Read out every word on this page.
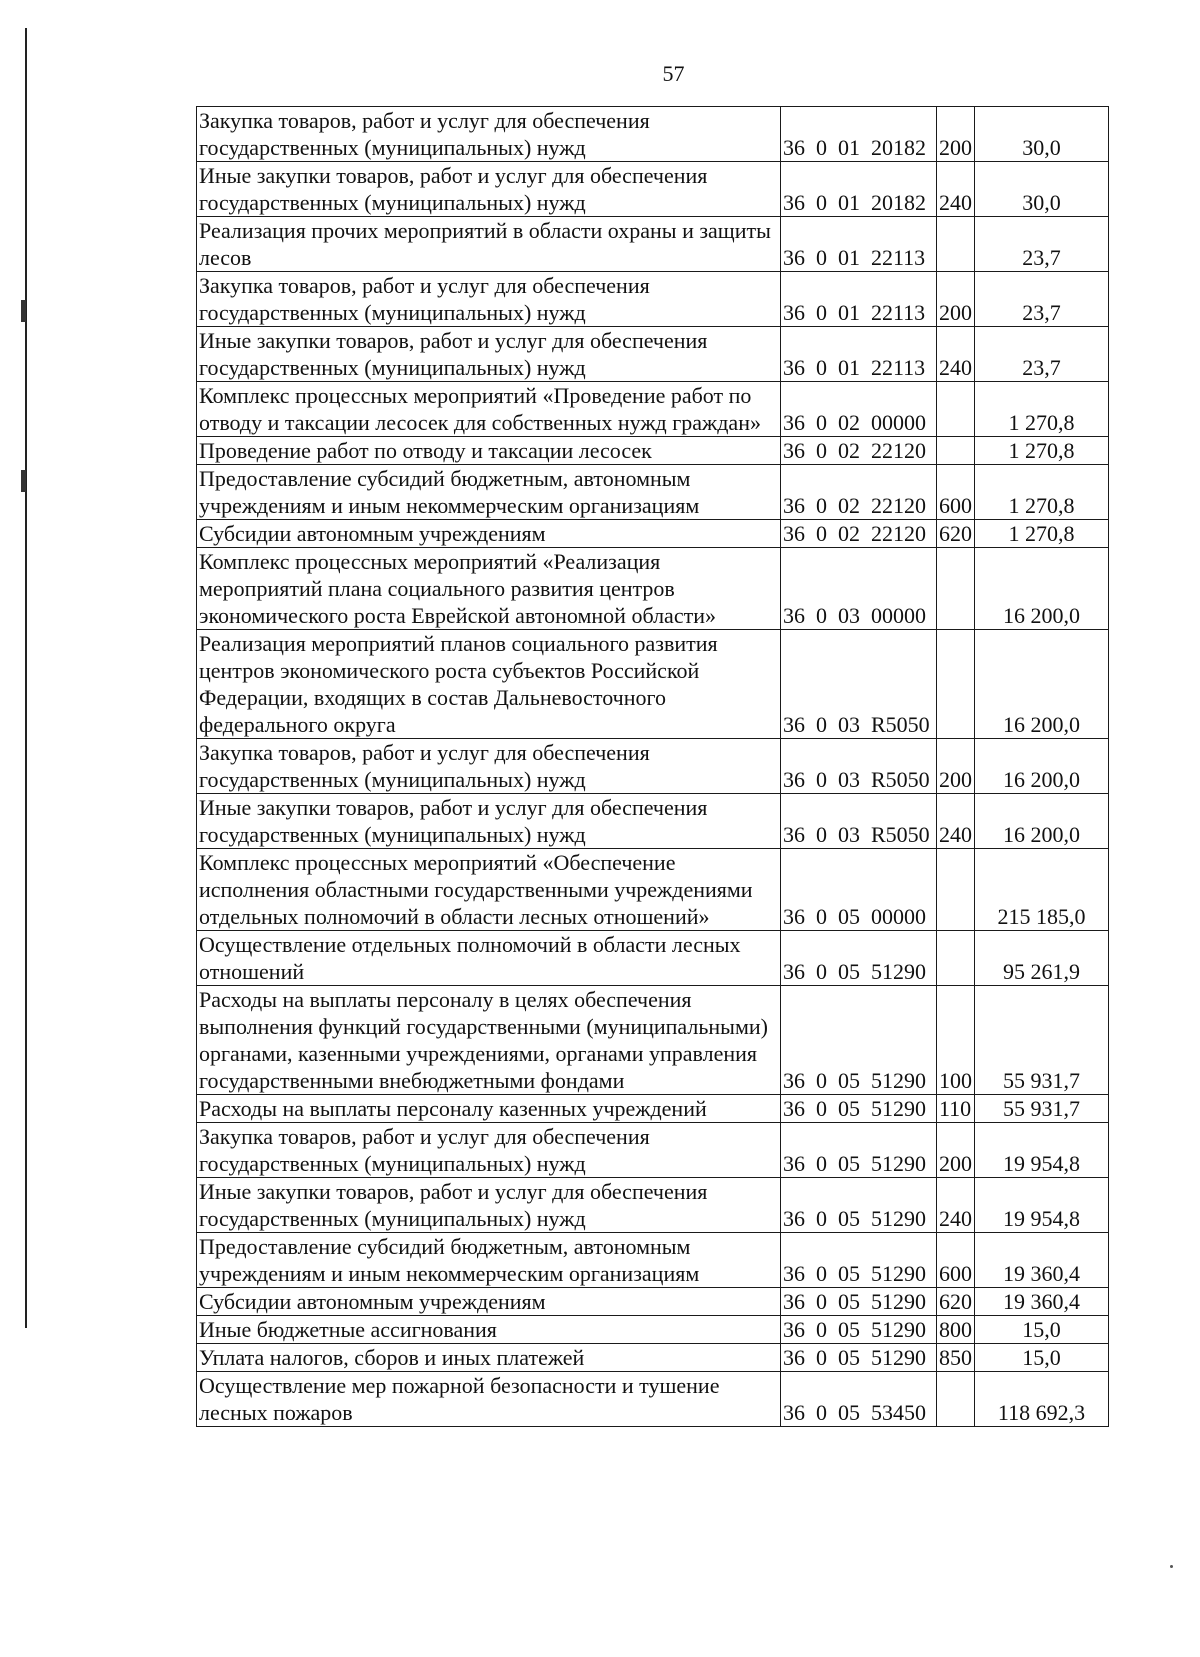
57
Закупка товаров, работ и услуг для обеспечения государственных (муниципальных) нужд	36  0  01  20182	200	30,0
Иные закупки товаров, работ и услуг для обеспечения государственных (муниципальных) нужд	36  0  01  20182	240	30,0
Реализация прочих мероприятий в области охраны и защиты лесов	36  0  01  22113		23,7
Закупка товаров, работ и услуг для обеспечения государственных (муниципальных) нужд	36  0  01  22113	200	23,7
Иные закупки товаров, работ и услуг для обеспечения государственных (муниципальных) нужд	36  0  01  22113	240	23,7
Комплекс процессных мероприятий «Проведение работ по отводу и таксации лесосек для собственных нужд граждан»	36  0  02  00000		1 270,8
Проведение работ по отводу и таксации лесосек	36  0  02  22120		1 270,8
Предоставление субсидий бюджетным, автономным учреждениям и иным некоммерческим организациям	36  0  02  22120	600	1 270,8
Субсидии автономным учреждениям	36  0  02  22120	620	1 270,8
Комплекс процессных мероприятий «Реализация мероприятий плана социального развития центров экономического роста Еврейской автономной области»	36  0  03  00000		16 200,0
Реализация мероприятий планов социального развития центров экономического роста субъектов Российской Федерации, входящих в состав Дальневосточного федерального округа	36  0  03  R5050		16 200,0
Закупка товаров, работ и услуг для обеспечения государственных (муниципальных) нужд	36  0  03  R5050	200	16 200,0
Иные закупки товаров, работ и услуг для обеспечения государственных (муниципальных) нужд	36  0  03  R5050	240	16 200,0
Комплекс процессных мероприятий «Обеспечение исполнения областными государственными учреждениями отдельных полномочий в области лесных отношений»	36  0  05  00000		215 185,0
Осуществление отдельных полномочий в области лесных отношений	36  0  05  51290		95 261,9
Расходы на выплаты персоналу в целях обеспечения выполнения функций государственными (муниципальными) органами, казенными учреждениями, органами управления государственными внебюджетными фондами	36  0  05  51290	100	55 931,7
Расходы на выплаты персоналу казенных учреждений	36  0  05  51290	110	55 931,7
Закупка товаров, работ и услуг для обеспечения государственных (муниципальных) нужд	36  0  05  51290	200	19 954,8
Иные закупки товаров, работ и услуг для обеспечения государственных (муниципальных) нужд	36  0  05  51290	240	19 954,8
Предоставление субсидий бюджетным, автономным учреждениям и иным некоммерческим организациям	36  0  05  51290	600	19 360,4
Субсидии автономным учреждениям	36  0  05  51290	620	19 360,4
Иные бюджетные ассигнования	36  0  05  51290	800	15,0
Уплата налогов, сборов и иных платежей	36  0  05  51290	850	15,0
Осуществление мер пожарной безопасности и тушение лесных пожаров	36  0  05  53450		118 692,3
